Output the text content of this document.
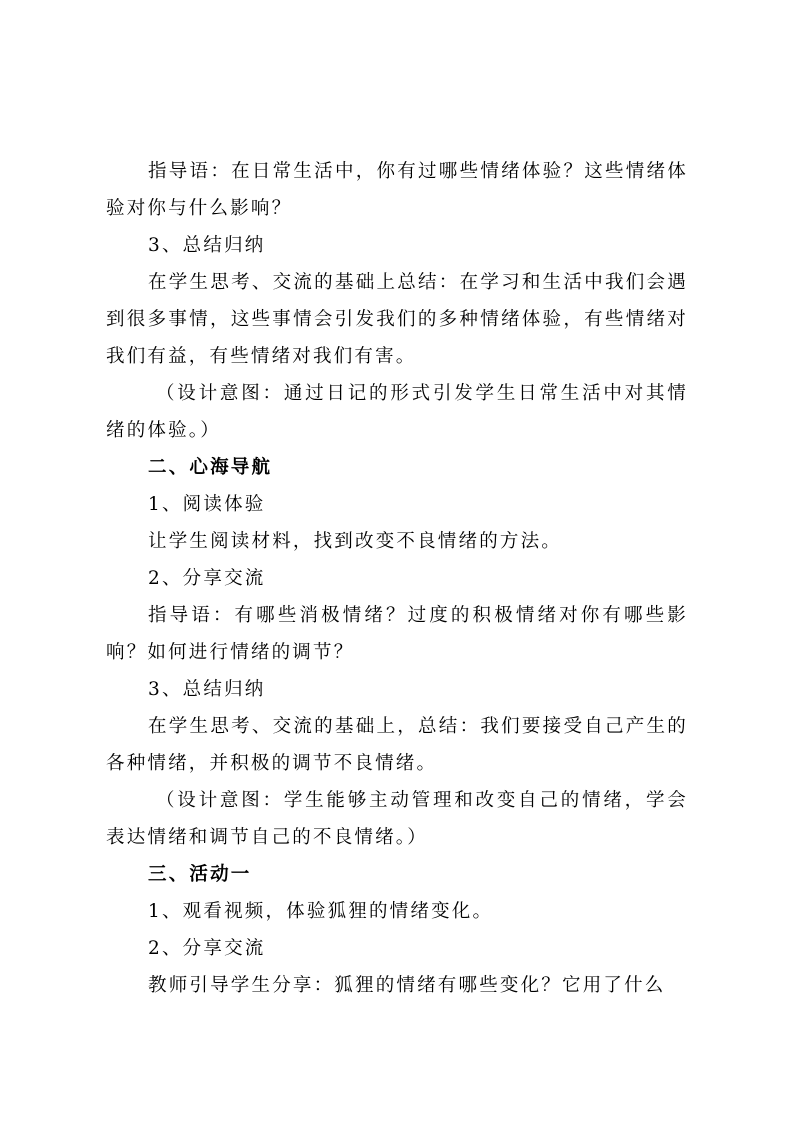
指导语：在日常生活中，你有过哪些情绪体验？这些情绪体验对你与什么影响？

3、总结归纳

在学生思考、交流的基础上总结：在学习和生活中我们会遇到很多事情，这些事情会引发我们的多种情绪体验，有些情绪对我们有益，有些情绪对我们有害。

（设计意图：通过日记的形式引发学生日常生活中对其情绪的体验。）

二、心海导航

1、阅读体验

让学生阅读材料，找到改变不良情绪的方法。

2、分享交流

指导语：有哪些消极情绪？过度的积极情绪对你有哪些影响？如何进行情绪的调节？

3、总结归纳

在学生思考、交流的基础上，总结：我们要接受自己产生的各种情绪，并积极的调节不良情绪。

（设计意图：学生能够主动管理和改变自己的情绪，学会表达情绪和调节自己的不良情绪。）

三、活动一

1、观看视频，体验狐狸的情绪变化。

2、分享交流

教师引导学生分享：狐狸的情绪有哪些变化？它用了什么
